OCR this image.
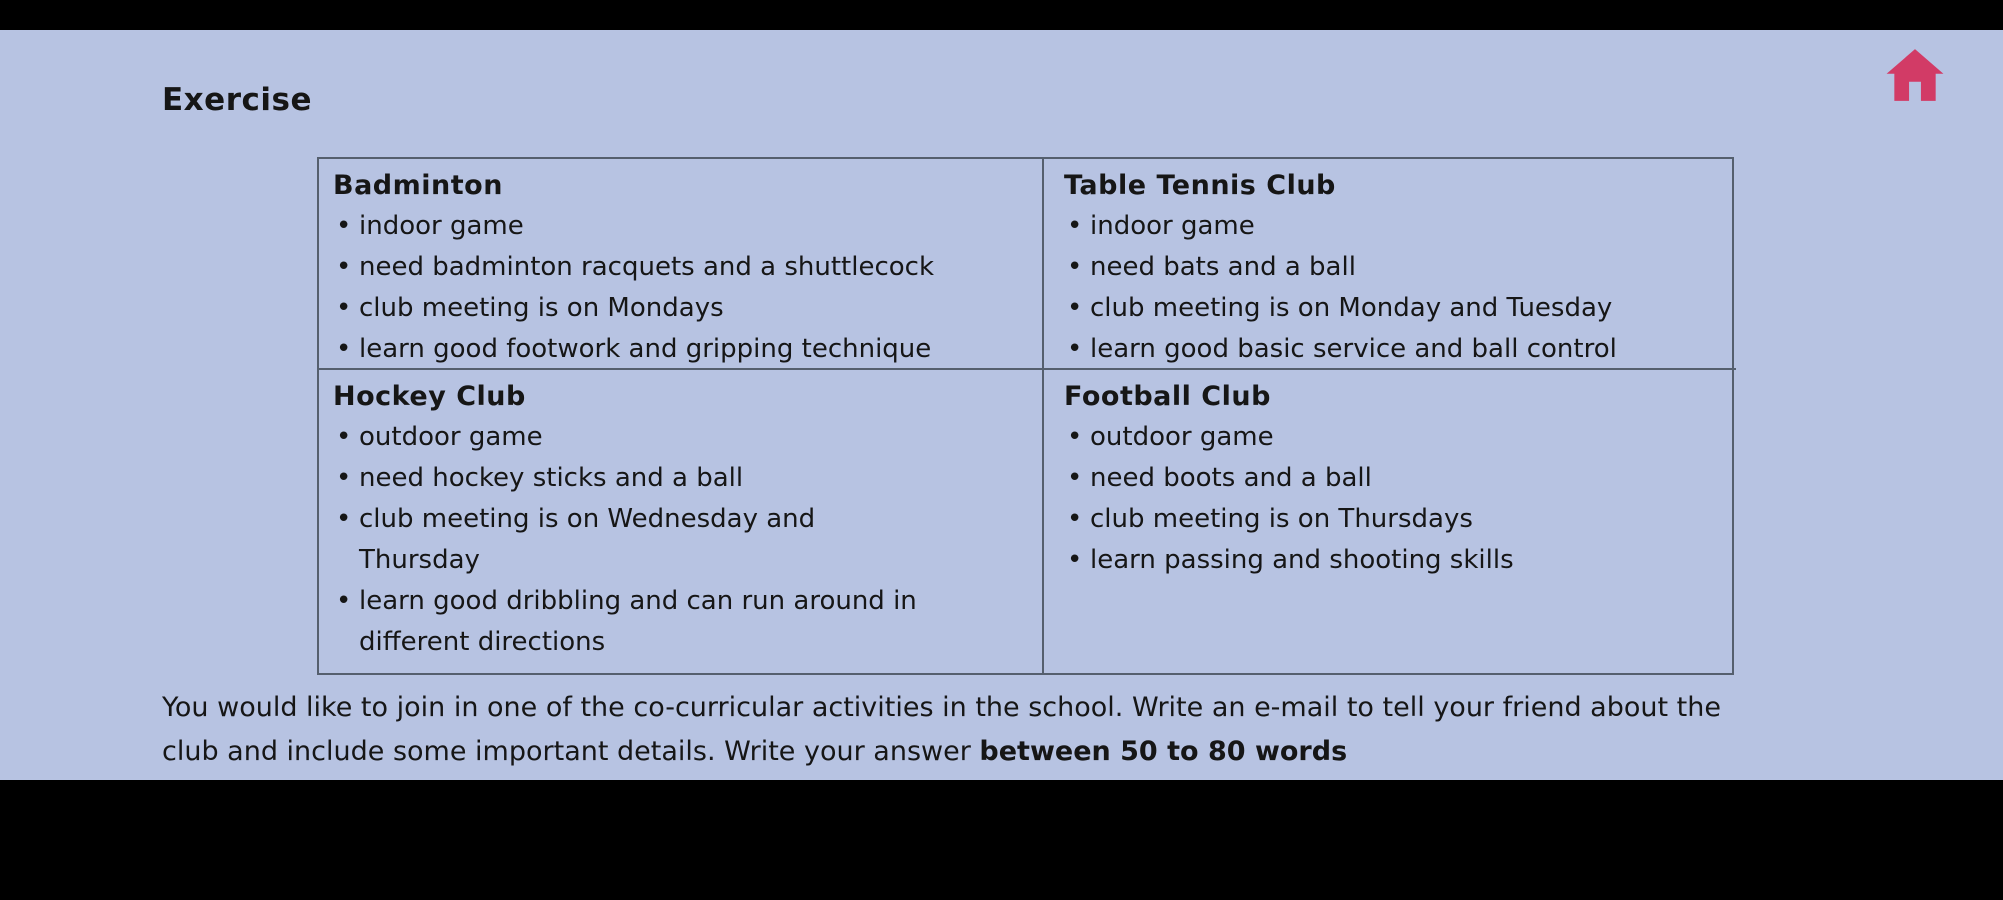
Exercise
Badminton
• indoor game
• need badminton racquets and a shuttlecock
• club meeting is on Mondays
• learn good footwork and gripping technique
Table Tennis Club
• indoor game
• need bats and a ball
• club meeting is on Monday and Tuesday
• learn good basic service and ball control
Hockey Club
• outdoor game
• need hockey sticks and a ball
• club meeting is on Wednesday and Thursday
• learn good dribbling and can run around in different directions
Football Club
• outdoor game
• need boots and a ball
• club meeting is on Thursdays
• learn passing and shooting skills

You would like to join in one of the co-curricular activities in the school. Write an e-mail to tell your friend about the club and include some important details. Write your answer between 50 to 80 words
